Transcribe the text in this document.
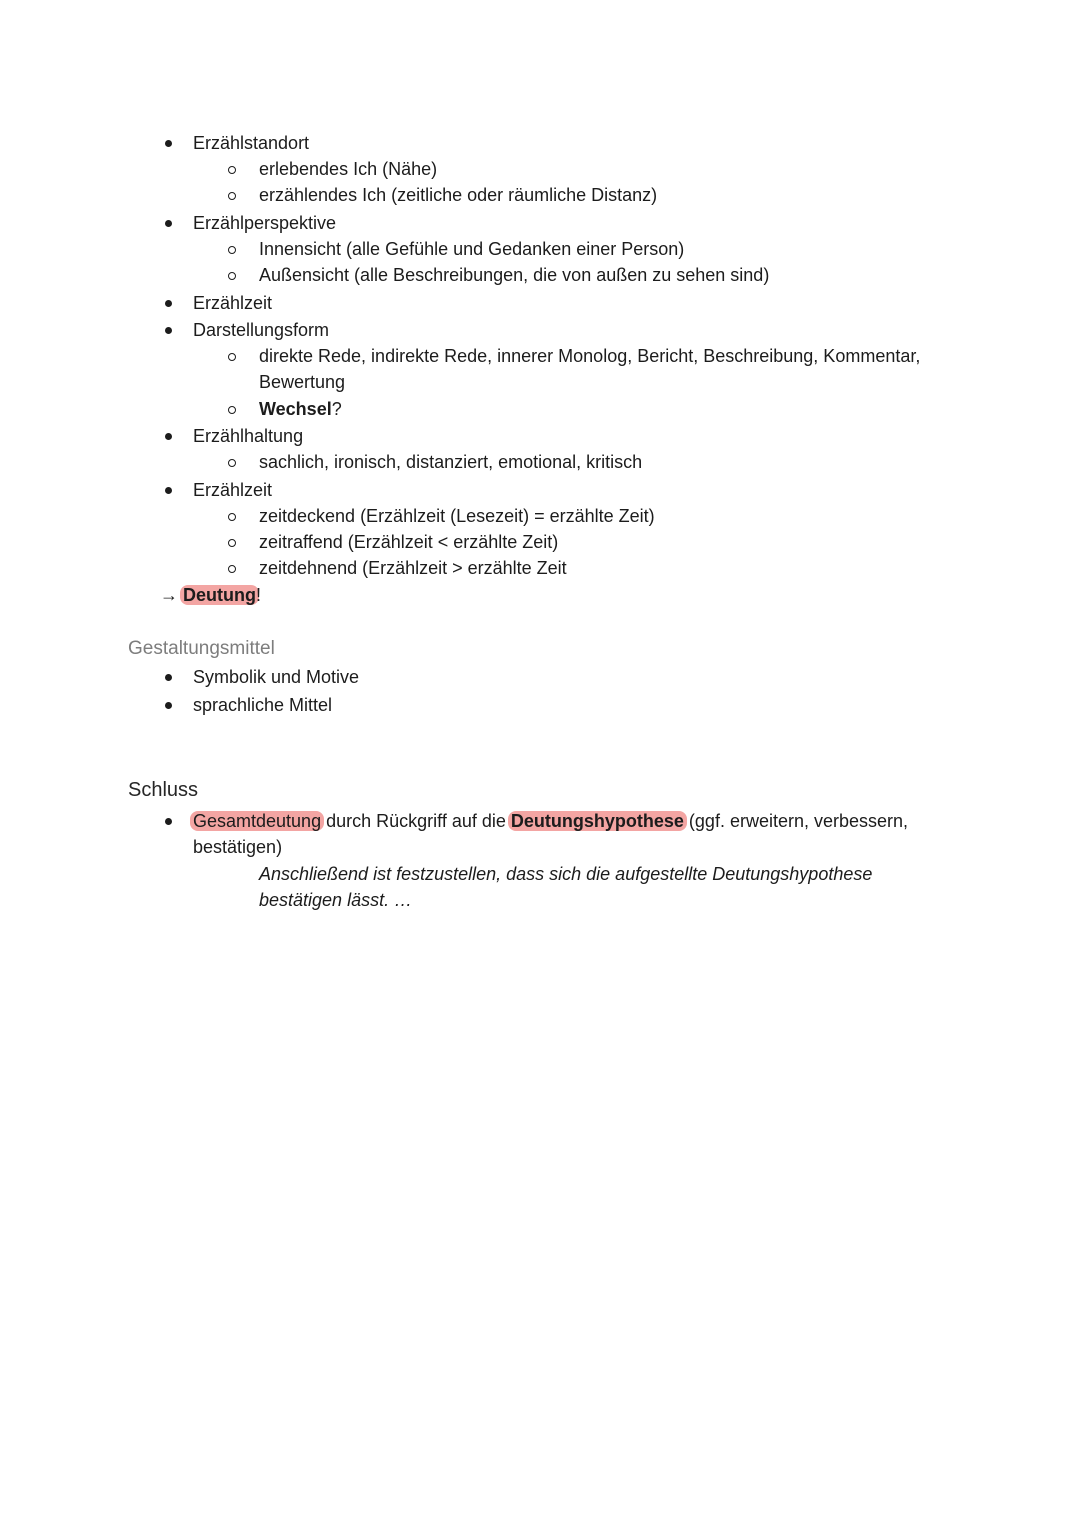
Erzählstandort
erlebendes Ich (Nähe)
erzählendes Ich (zeitliche oder räumliche Distanz)
Erzählperspektive
Innensicht (alle Gefühle und Gedanken einer Person)
Außensicht (alle Beschreibungen, die von außen zu sehen sind)
Erzählzeit
Darstellungsform
direkte Rede, indirekte Rede, innerer Monolog, Bericht, Beschreibung, Kommentar,
Bewertung
Wechsel?
Erzählhaltung
sachlich, ironisch, distanziert, emotional, kritisch
Erzählzeit
zeitdeckend (Erzählzeit (Lesezeit) = erzählte Zeit)
zeitraffend (Erzählzeit < erzählte Zeit)
zeitdehnend (Erzählzeit > erzählte Zeit
→ Deutung!
Gestaltungsmittel
Symbolik und Motive
sprachliche Mittel
Schluss
Gesamtdeutung durch Rückgriff auf die Deutungshypothese (ggf. erweitern, verbessern,
bestätigen)
Anschließend ist festzustellen, dass sich die aufgestellte Deutungshypothese
bestätigen lässt. …
